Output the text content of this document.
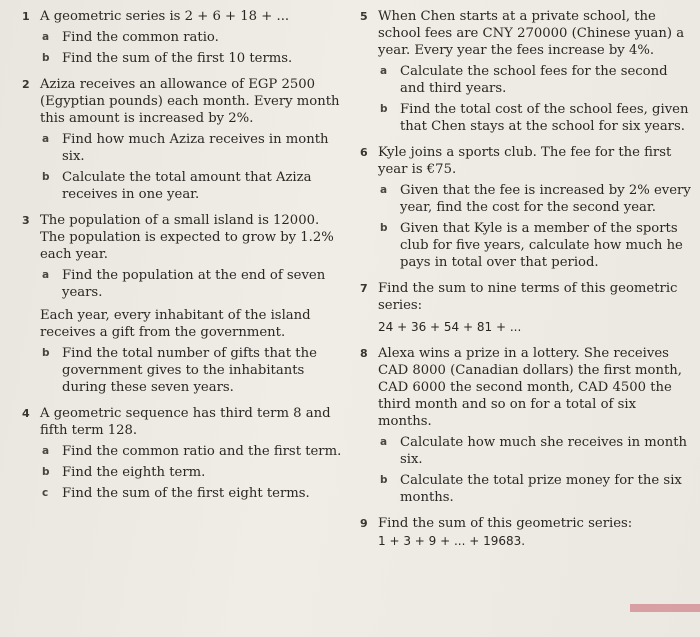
1 A geometric series is 2 + 6 + 18 + ...
a Find the common ratio.
b Find the sum of the first 10 terms.
2 Aziza receives an allowance of EGP 2500 (Egyptian pounds) each month. Every month this amount is increased by 2%.
a Find how much Aziza receives in month six.
b Calculate the total amount that Aziza receives in one year.
3 The population of a small island is 12000. The population is expected to grow by 1.2% each year.
a Find the population at the end of seven years.
Each year, every inhabitant of the island receives a gift from the government.
b Find the total number of gifts that the government gives to the inhabitants during these seven years.
4 A geometric sequence has third term 8 and fifth term 128.
a Find the common ratio and the first term.
b Find the eighth term.
c Find the sum of the first eight terms.
5 When Chen starts at a private school, the school fees are CNY 270000 (Chinese yuan) a year. Every year the fees increase by 4%.
a Calculate the school fees for the second and third years.
b Find the total cost of the school fees, given that Chen stays at the school for six years.
6 Kyle joins a sports club. The fee for the first year is €75.
a Given that the fee is increased by 2% every year, find the cost for the second year.
b Given that Kyle is a member of the sports club for five years, calculate how much he pays in total over that period.
7 Find the sum to nine terms of this geometric series:
24 + 36 + 54 + 81 + ...
8 Alexa wins a prize in a lottery. She receives CAD 8000 (Canadian dollars) the first month, CAD 6000 the second month, CAD 4500 the third month and so on for a total of six months.
a Calculate how much she receives in month six.
b Calculate the total prize money for the six months.
9 Find the sum of this geometric series:
1 + 3 + 9 + ... + 19683.
